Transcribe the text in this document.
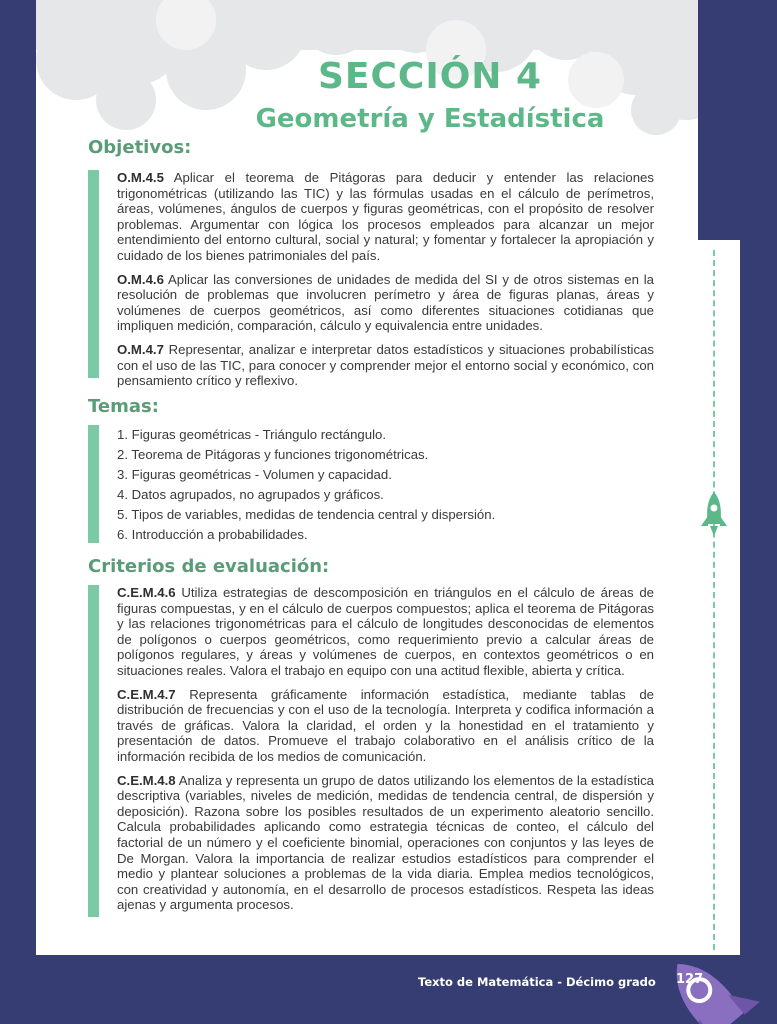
SECCIÓN 4
Geometría y Estadística
Objetivos:

O.M.4.5 Aplicar el teorema de Pitágoras para deducir y entender las relaciones trigonométricas (utilizando las TIC) y las fórmulas usadas en el cálculo de perímetros, áreas, volúmenes, ángulos de cuerpos y figuras geométricas, con el propósito de resolver problemas. Argumentar con lógica los procesos empleados para alcanzar un mejor entendimiento del entorno cultural, social y natural; y fomentar y fortalecer la apropiación y cuidado de los bienes patrimoniales del país.

O.M.4.6 Aplicar las conversiones de unidades de medida del SI y de otros sistemas en la resolución de problemas que involucren perímetro y área de figuras planas, áreas y volúmenes de cuerpos geométricos, así como diferentes situaciones cotidianas que impliquen medición, comparación, cálculo y equivalencia entre unidades.

O.M.4.7 Representar, analizar e interpretar datos estadísticos y situaciones probabilísticas con el uso de las TIC, para conocer y comprender mejor el entorno social y económico, con pensamiento crítico y reflexivo.

Temas:
1. Figuras geométricas - Triángulo rectángulo.
2. Teorema de Pitágoras y funciones trigonométricas.
3. Figuras geométricas - Volumen y capacidad.
4. Datos agrupados, no agrupados y gráficos.
5. Tipos de variables, medidas de tendencia central y dispersión.
6. Introducción a probabilidades.
Criterios de evaluación:

C.E.M.4.6 Utiliza estrategias de descomposición en triángulos en el cálculo de áreas de figuras compuestas, y en el cálculo de cuerpos compuestos; aplica el teorema de Pitágoras y las relaciones trigonométricas para el cálculo de longitudes desconocidas de elementos de polígonos o cuerpos geométricos, como requerimiento previo a calcular áreas de polígonos regulares, y áreas y volúmenes de cuerpos, en contextos geométricos o en situaciones reales. Valora el trabajo en equipo con una actitud flexible, abierta y crítica.

C.E.M.4.7 Representa gráficamente información estadística, mediante tablas de distribución de frecuencias y con el uso de la tecnología. Interpreta y codifica información a través de gráficas. Valora la claridad, el orden y la honestidad en el tratamiento y presentación de datos. Promueve el trabajo colaborativo en el análisis crítico de la información recibida de los medios de comunicación.

C.E.M.4.8 Analiza y representa un grupo de datos utilizando los elementos de la estadística descriptiva (variables, niveles de medición, medidas de tendencia central, de dispersión y deposición). Razona sobre los posibles resultados de un experimento aleatorio sencillo. Calcula probabilidades aplicando como estrategia técnicas de conteo, el cálculo del factorial de un número y el coeficiente binomial, operaciones con conjuntos y las leyes de De Morgan. Valora la importancia de realizar estudios estadísticos para comprender el medio y plantear soluciones a problemas de la vida diaria. Emplea medios tecnológicos, con creatividad y autonomía, en el desarrollo de procesos estadísticos. Respeta las ideas ajenas y argumenta procesos.

Texto de Matemática - Décimo grado 127
